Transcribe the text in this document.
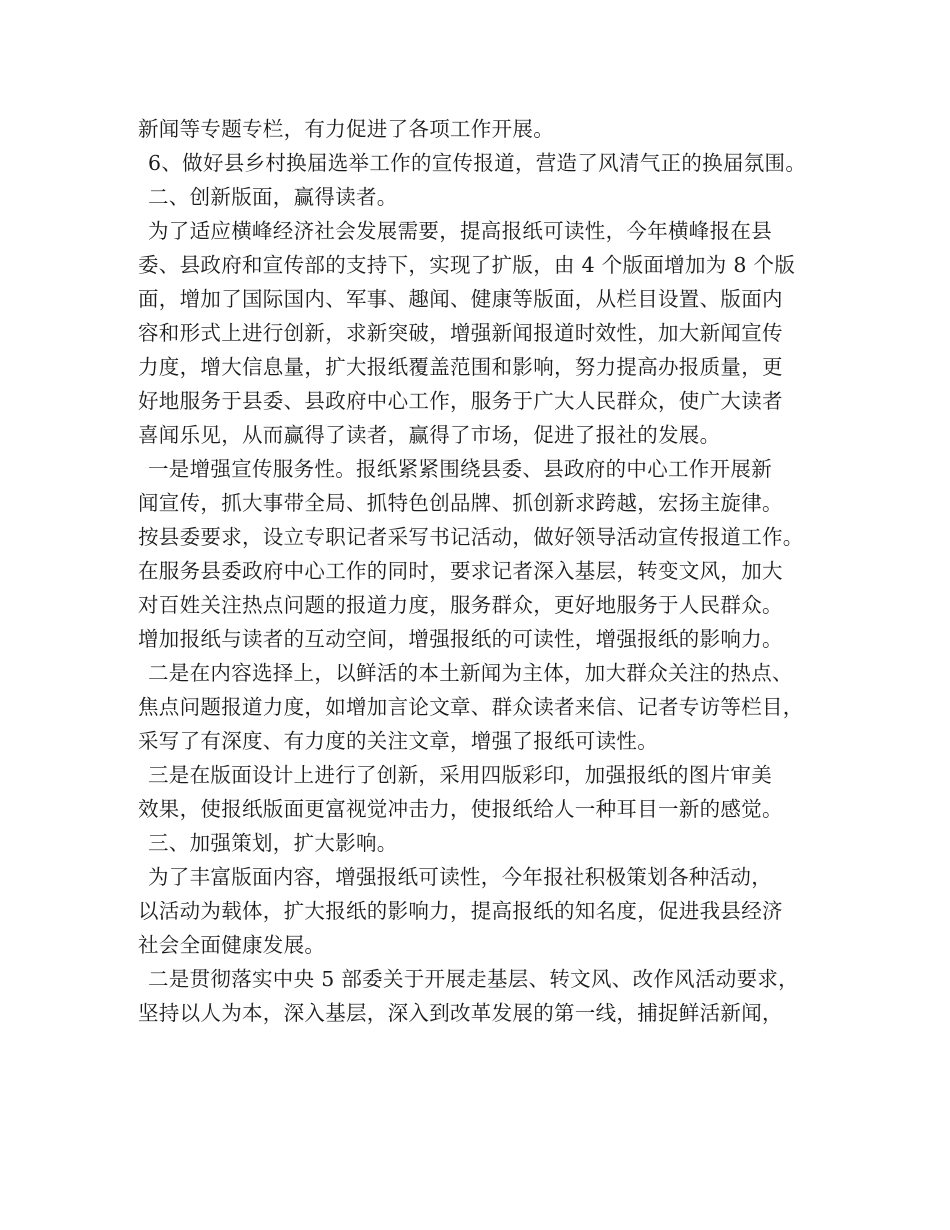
新闻等专题专栏，有力促进了各项工作开展。
6、做好县乡村换届选举工作的宣传报道，营造了风清气正的换届氛围。
二、创新版面，赢得读者。
为了适应横峰经济社会发展需要，提高报纸可读性，今年横峰报在县
委、县政府和宣传部的支持下，实现了扩版，由 4 个版面增加为 8 个版
面，增加了国际国内、军事、趣闻、健康等版面，从栏目设置、版面内
容和形式上进行创新，求新突破，增强新闻报道时效性，加大新闻宣传
力度，增大信息量，扩大报纸覆盖范围和影响，努力提高办报质量，更
好地服务于县委、县政府中心工作，服务于广大人民群众，使广大读者
喜闻乐见，从而赢得了读者，赢得了市场，促进了报社的发展。
一是增强宣传服务性。报纸紧紧围绕县委、县政府的中心工作开展新
闻宣传，抓大事带全局、抓特色创品牌、抓创新求跨越，宏扬主旋律。
按县委要求，设立专职记者采写书记活动，做好领导活动宣传报道工作。
在服务县委政府中心工作的同时，要求记者深入基层，转变文风，加大
对百姓关注热点问题的报道力度，服务群众，更好地服务于人民群众。
增加报纸与读者的互动空间，增强报纸的可读性，增强报纸的影响力。
二是在内容选择上，以鲜活的本土新闻为主体，加大群众关注的热点、
焦点问题报道力度，如增加言论文章、群众读者来信、记者专访等栏目，
采写了有深度、有力度的关注文章，增强了报纸可读性。
三是在版面设计上进行了创新，采用四版彩印，加强报纸的图片审美
效果，使报纸版面更富视觉冲击力，使报纸给人一种耳目一新的感觉。
三、加强策划，扩大影响。
为了丰富版面内容，增强报纸可读性，今年报社积极策划各种活动，
以活动为载体，扩大报纸的影响力，提高报纸的知名度，促进我县经济
社会全面健康发展。
二是贯彻落实中央 5 部委关于开展走基层、转文风、改作风活动要求，
坚持以人为本，深入基层，深入到改革发展的第一线，捕捉鲜活新闻，
